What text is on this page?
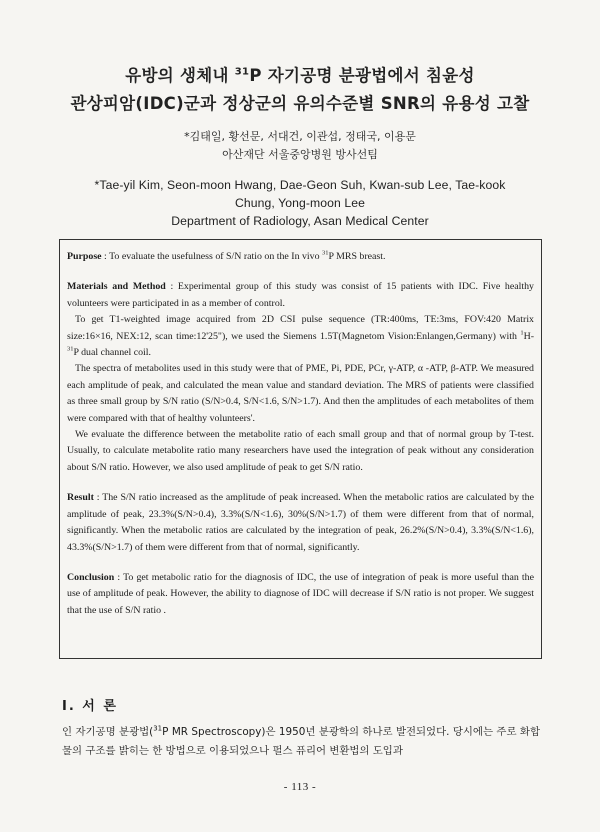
유방의 생체내 $^{31}$P 자기공명 분광법에서 침윤성
관상피암(IDC)군과 정상군의 유의수준별 SNR의 유용성 고찰
*김태일, 황선문, 서대건, 이관섭, 정태국, 이용문
아산재단 서울중앙병원 방사선팀
*Tae-yil Kim, Seon-moon Hwang, Dae-Geon Suh, Kwan-sub Lee, Tae-kook
Chung, Yong-moon Lee
Department of Radiology, Asan Medical Center

Purpose : To evaluate the usefulness of S/N ratio on the In vivo $^{31}$P MRS breast.

Materials and Method : Experimental group of this study was consist of 15 patients with IDC. Five healthy volunteers were participated in as a member of control.

To get T1-weighted image acquired from 2D CSI pulse sequence (TR:400ms, TE:3ms, FOV:420 Matrix size:16×16, NEX:12, scan time:12'25"), we used the Siemens 1.5T(Magnetom Vision:Enlangen,Germany) with $^1$H-$^{31}$P dual channel coil.

The spectra of metabolites used in this study were that of PME, Pi, PDE, PCr, γ-ATP, α -ATP, β-ATP. We measured each amplitude of peak, and calculated the mean value and standard deviation. The MRS of patients were classified as three small group by S/N ratio (S/N>0.4, S/N<1.6, S/N>1.7). And then the amplitudes of each metabolites of them were compared with that of healthy volunteers'.

We evaluate the difference between the metabolite ratio of each small group and that of normal group by T-test. Usually, to calculate metabolite ratio many researchers have used the integration of peak without any consideration about S/N ratio. However, we also used amplitude of peak to get S/N ratio.

Result : The S/N ratio increased as the amplitude of peak increased. When the metabolic ratios are calculated by the amplitude of peak, 23.3%(S/N>0.4), 3.3%(S/N<1.6), 30%(S/N>1.7) of them were different from that of normal, significantly. When the metabolic ratios are calculated by the integration of peak, 26.2%(S/N>0.4), 3.3%(S/N<1.6), 43.3%(S/N>1.7) of them were different from that of normal, significantly.

Conclusion : To get metabolic ratio for the diagnosis of IDC, the use of integration of peak is more useful than the use of amplitude of peak. However, the ability to diagnose of IDC will decrease if S/N ratio is not proper. We suggest that the use of S/N ratio .

I. 서 론

인 자기공명 분광법($^{31}$P MR Spectroscopy)은 1950년 분광학의 하나로 발전되었다. 당시에는 주로 화합물의 구조를 밝히는 한 방법으로 이용되었으나 펄스 퓨리어 변환법의 도입과

- 113 -
